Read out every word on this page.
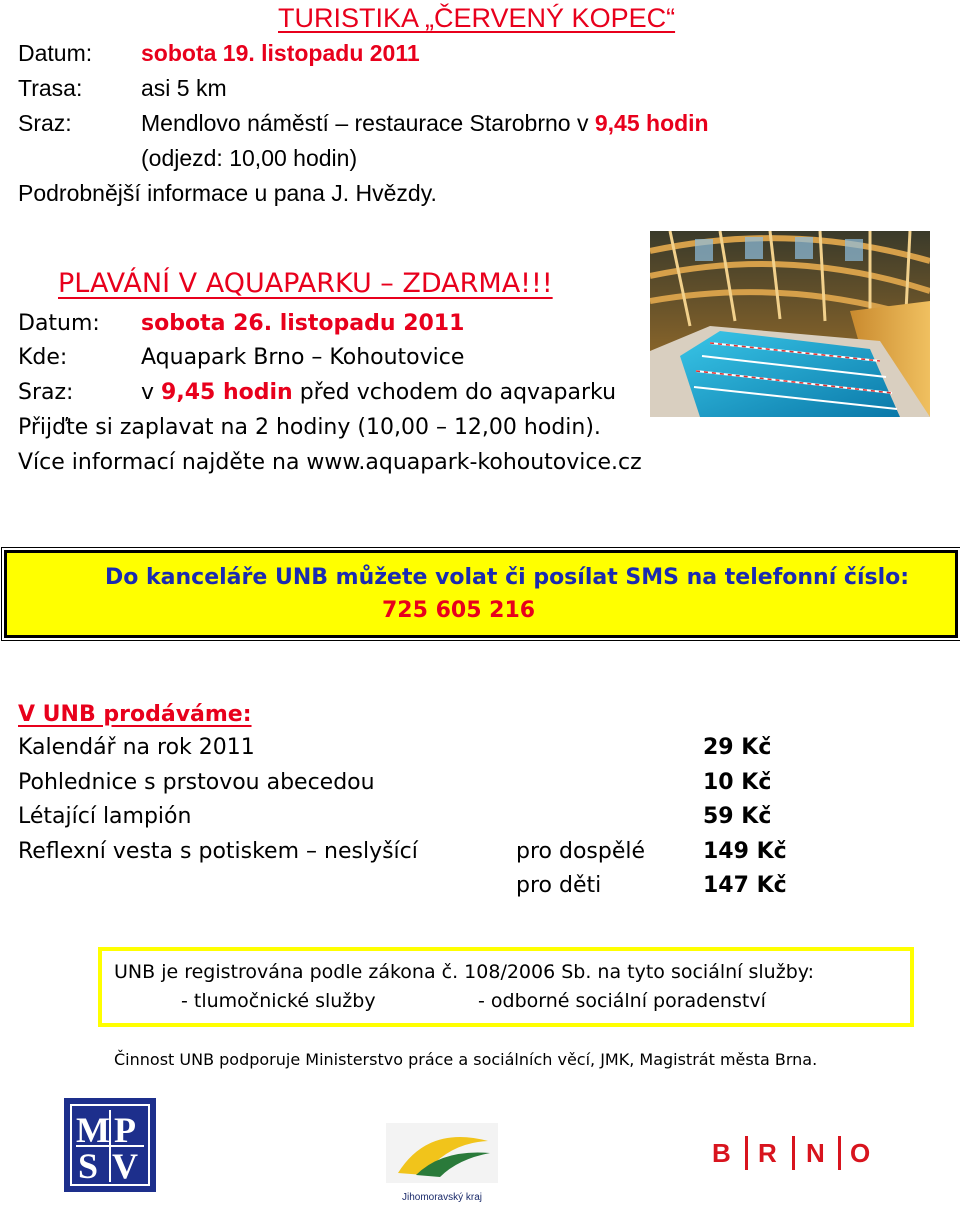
TURISTIKA „ČERVENÝ KOPEC“
Datum: sobota 19. listopadu 2011
Trasa:	asi 5 km
Sraz:	Mendlovo náměstí – restaurace Starobrno v 9,45 hodin
(odjezd: 10,00 hodin)
Podrobnější informace u pana J. Hvězdy.
PLAVÁNÍ V AQUAPARKU – ZDARMA!!!
Datum: sobota 26. listopadu 2011
Kde:	Aquapark Brno – Kohoutovice
Sraz:	v 9,45 hodin před vchodem do aqvaparku
Přijďte si zaplavat na 2 hodiny (10,00 – 12,00 hodin).
Více informací najděte na www.aquapark-kohoutovice.cz
Do kanceláře UNB můžete volat či posílat SMS na telefonní číslo:
725 605 216
V UNB prodáváme:
Kalendář na rok 2011	29 Kč
Pohlednice s prstovou abecedou	10 Kč
Létající lampión	59 Kč
Reflexní vesta s potiskem – neslyšící	pro dospělé	149 Kč
pro děti	147 Kč
UNB je registrována podle zákona č. 108/2006 Sb. na tyto sociální služby:
- tlumočnické služby	- odborné sociální poradenství
Činnost UNB podporuje Ministerstvo práce a sociálních věcí, JMK, Magistrát města Brna.
M P
S V
Jihomoravský kraj
B R N O
